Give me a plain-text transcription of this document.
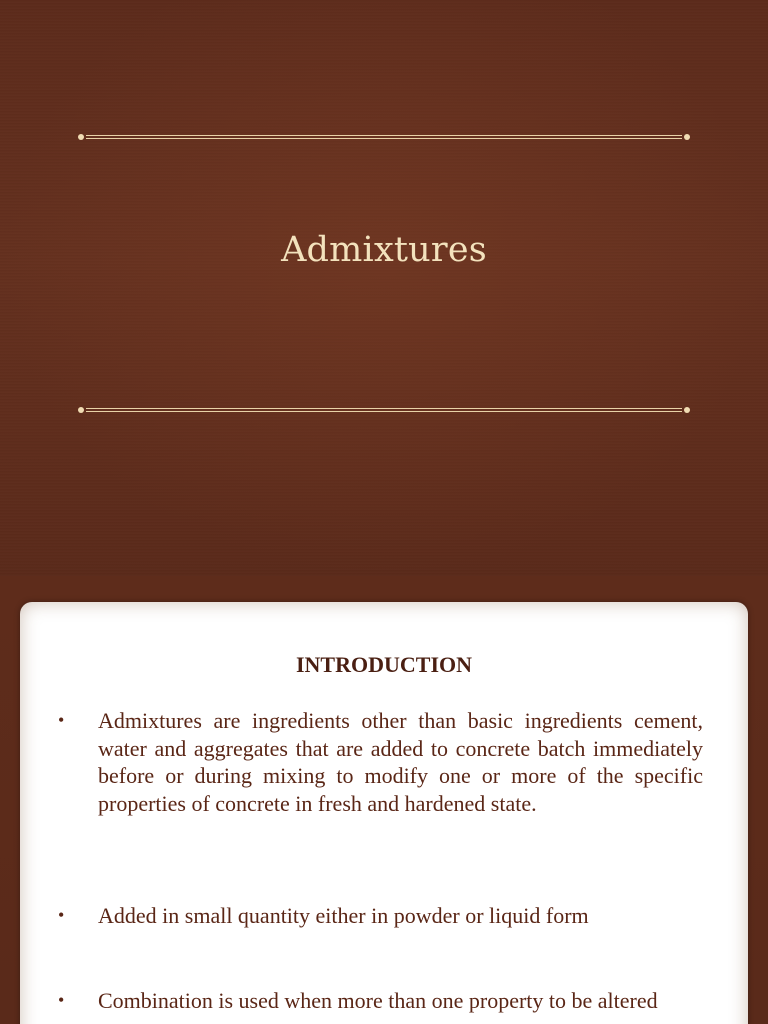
Admixtures
INTRODUCTION
•	Admixtures are ingredients other than basic ingredients cement, water and aggregates that are added to concrete batch immediately before or during mixing to modify one or more of the specific properties of concrete in fresh and hardened state.
•	Added in small quantity either in powder or liquid form
•	Combination is used when more than one property to be altered
